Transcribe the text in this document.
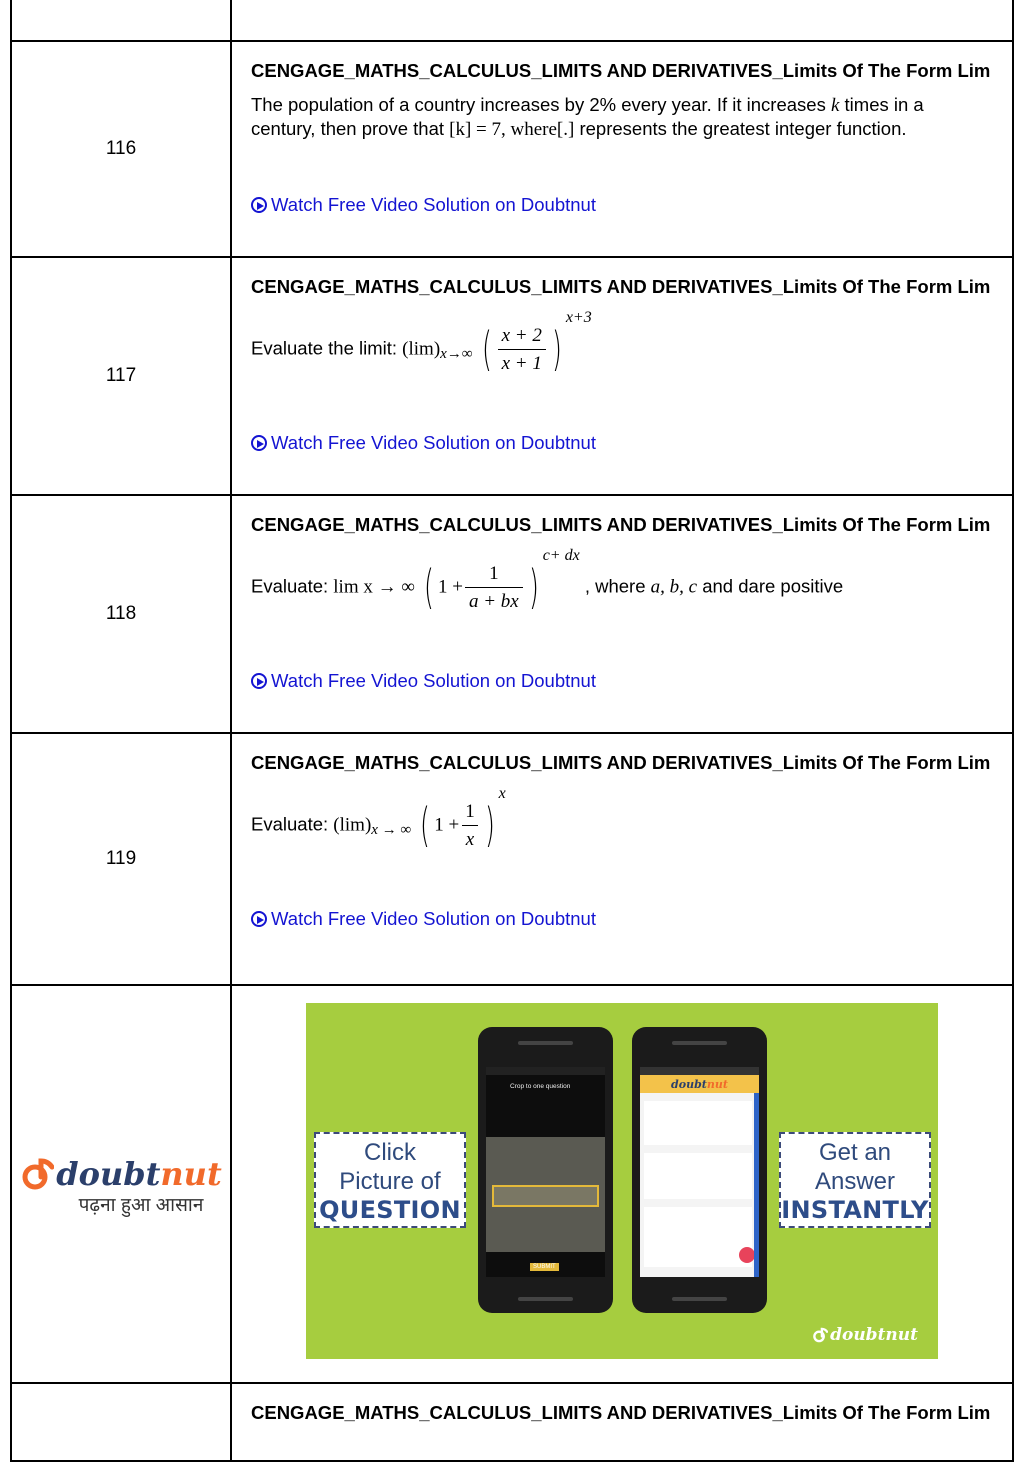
116
CENGAGE_MATHS_CALCULUS_LIMITS AND DERIVATIVES_Limits Of The Form Lim
The population of a country increases by 2% every year. If it increases k times in a century, then prove that [k] = 7, where[.] represents the greatest integer function.
Watch Free Video Solution on Doubtnut
117
CENGAGE_MATHS_CALCULUS_LIMITS AND DERIVATIVES_Limits Of The Form Lim
Evaluate the limit: $(\lim)_{x\to\infty}$ ( $\frac{x + 2}{x + 1} )^{x+3}$
Watch Free Video Solution on Doubtnut
118
CENGAGE_MATHS_CALCULUS_LIMITS AND DERIVATIVES_Limits Of The Form Lim
Evaluate: lim x → ∞ ( $1 + \frac{1}{a + bx} )^{c+ dx}$ , where a, b, c and dare positive
Watch Free Video Solution on Doubtnut
119
CENGAGE_MATHS_CALCULUS_LIMITS AND DERIVATIVES_Limits Of The Form Lim
Evaluate: $(\lim)_{x \to \infty}$ ( $1 + \frac{1}{x} )^x$
Watch Free Video Solution on Doubtnut
doubtnut
पढ़ना हुआ आसान
Click
Picture of
QUESTION
Crop to one question
SUBMIT
doubtnut
Get an
Answer
INSTANTLY
doubtnut
CENGAGE_MATHS_CALCULUS_LIMITS AND DERIVATIVES_Limits Of The Form Lim
